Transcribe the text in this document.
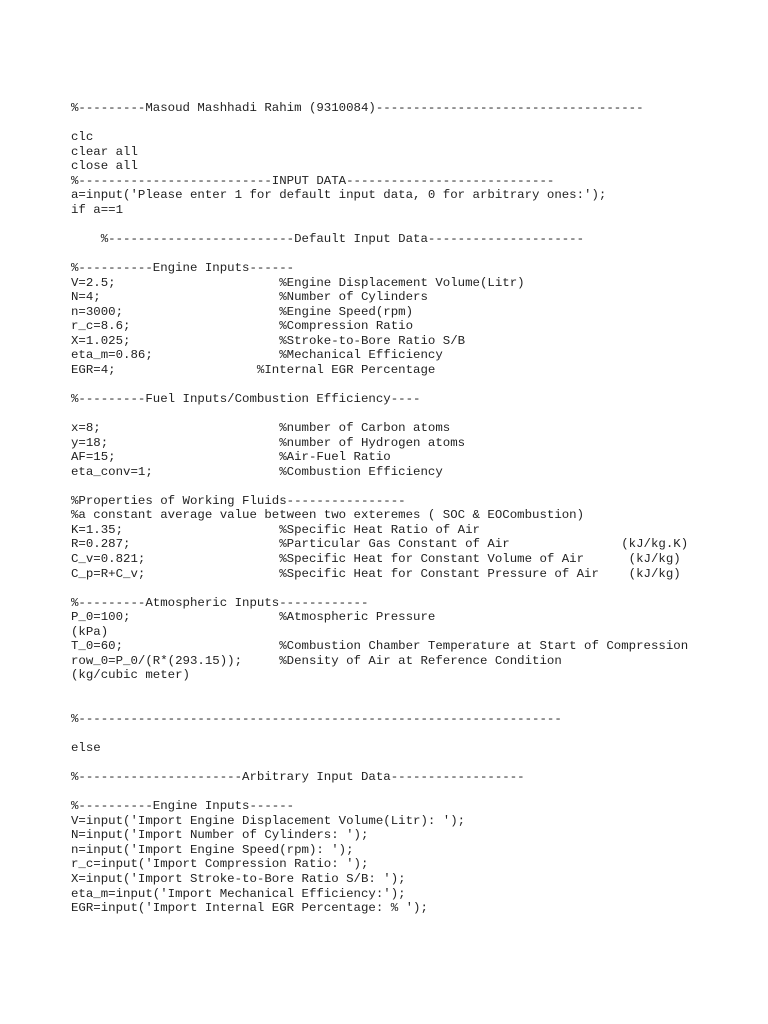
%---------Masoud Mashhadi Rahim (9310084)------------------------------------
clc
clear all
close all
%--------------------------INPUT DATA----------------------------
a=input('Please enter 1 for default input data, 0 for arbitrary ones:');
if a==1
%-------------------------Default Input Data---------------------
%----------Engine Inputs------
V=2.5;                      %Engine Displacement Volume(Litr)
N=4;                        %Number of Cylinders
n=3000;                     %Engine Speed(rpm)
r_c=8.6;                    %Compression Ratio
X=1.025;                    %Stroke-to-Bore Ratio S/B
eta_m=0.86;                 %Mechanical Efficiency
EGR=4;                   %Internal EGR Percentage
%---------Fuel Inputs/Combustion Efficiency----
x=8;                        %number of Carbon atoms
y=18;                       %number of Hydrogen atoms
AF=15;                      %Air-Fuel Ratio
eta_conv=1;                 %Combustion Efficiency
%Properties of Working Fluids----------------
%a constant average value between two exteremes ( SOC & EOCombustion)
K=1.35;                     %Specific Heat Ratio of Air
R=0.287;                    %Particular Gas Constant of Air               (kJ/kg.K)
C_v=0.821;                  %Specific Heat for Constant Volume of Air      (kJ/kg)
C_p=R+C_v;                  %Specific Heat for Constant Pressure of Air    (kJ/kg)
%---------Atmospheric Inputs------------
P_0=100;                    %Atmospheric Pressure
(kPa)
T_0=60;                     %Combustion Chamber Temperature at Start of Compression
row_0=P_0/(R*(293.15));     %Density of Air at Reference Condition
(kg/cubic meter)
%-----------------------------------------------------------------
else
%----------------------Arbitrary Input Data------------------
%----------Engine Inputs------
V=input('Import Engine Displacement Volume(Litr): ');
N=input('Import Number of Cylinders: ');
n=input('Import Engine Speed(rpm): ');
r_c=input('Import Compression Ratio: ');
X=input('Import Stroke-to-Bore Ratio S/B: ');
eta_m=input('Import Mechanical Efficiency:');
EGR=input('Import Internal EGR Percentage: % ');
